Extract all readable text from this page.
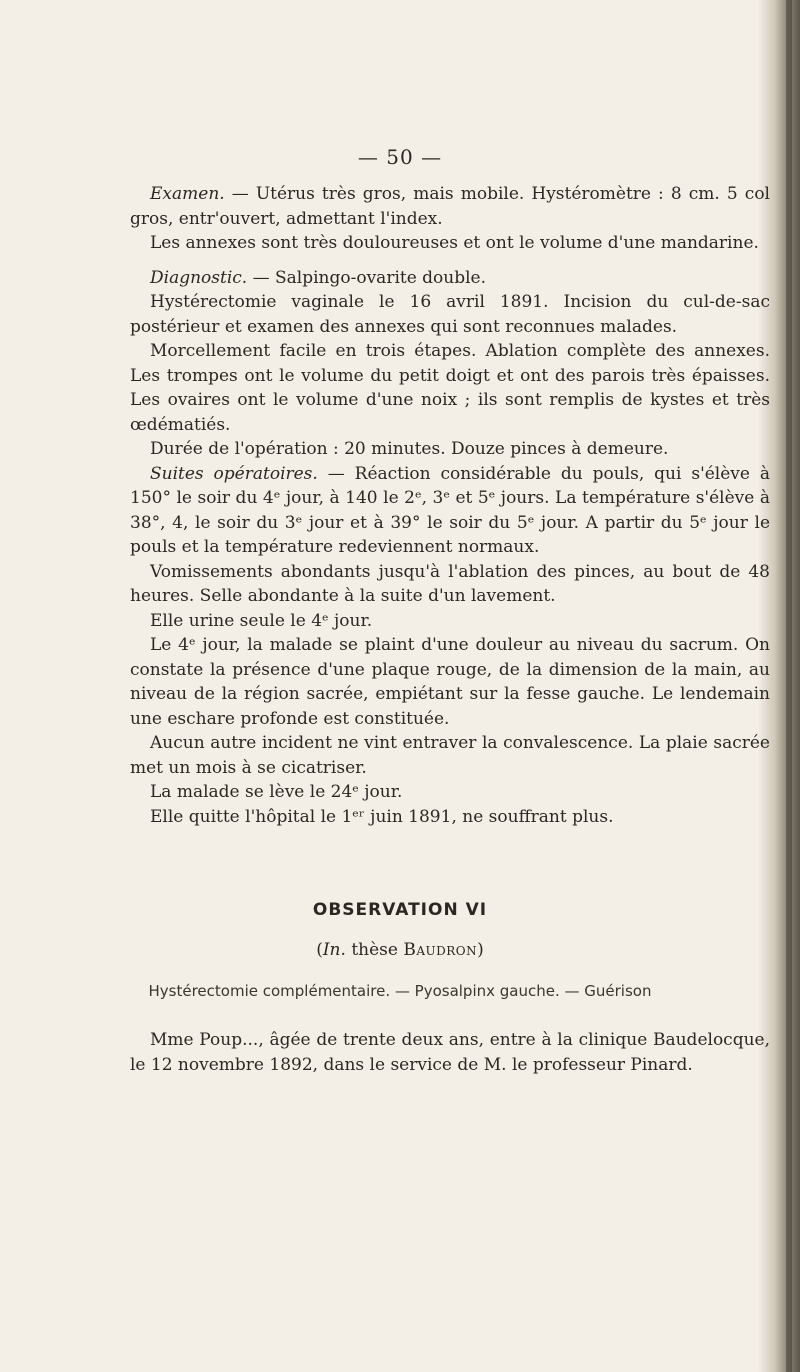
— 50 —

Examen. — Utérus très gros, mais mobile. Hystéromètre : 8 cm. 5 col gros, entr'ouvert, admettant l'index.

Les annexes sont très douloureuses et ont le volume d'une mandarine.

Diagnostic. — Salpingo-ovarite double.

Hystérectomie vaginale le 16 avril 1891. Incision du cul-de-sac postérieur et examen des annexes qui sont reconnues malades.

Morcellement facile en trois étapes. Ablation complète des annexes. Les trompes ont le volume du petit doigt et ont des parois très épaisses. Les ovaires ont le volume d'une noix ; ils sont remplis de kystes et très œdématiés.

Durée de l'opération : 20 minutes. Douze pinces à demeure.

Suites opératoires. — Réaction considérable du pouls, qui s'élève à 150° le soir du 4ᵉ jour, à 140 le 2ᵉ, 3ᵉ et 5ᵉ jours. La température s'élève à 38°, 4, le soir du 3ᵉ jour et à 39° le soir du 5ᵉ jour. A partir du 5ᵉ jour le pouls et la température redeviennent normaux.

Vomissements abondants jusqu'à l'ablation des pinces, au bout de 48 heures. Selle abondante à la suite d'un lavement.

Elle urine seule le 4ᵉ jour.

Le 4ᵉ jour, la malade se plaint d'une douleur au niveau du sacrum. On constate la présence d'une plaque rouge, de la dimension de la main, au niveau de la région sacrée, empiétant sur la fesse gauche. Le lendemain une eschare profonde est constituée.

Aucun autre incident ne vint entraver la convalescence. La plaie sacrée met un mois à se cicatriser.

La malade se lève le 24ᵉ jour.

Elle quitte l'hôpital le 1ᵉʳ juin 1891, ne souffrant plus.

OBSERVATION VI
(In. thèse Baudron)
Hystérectomie complémentaire. — Pyosalpinx gauche. — Guérison

Mme Poup..., âgée de trente deux ans, entre à la clinique Baudelocque, le 12 novembre 1892, dans le service de M. le professeur Pinard.
